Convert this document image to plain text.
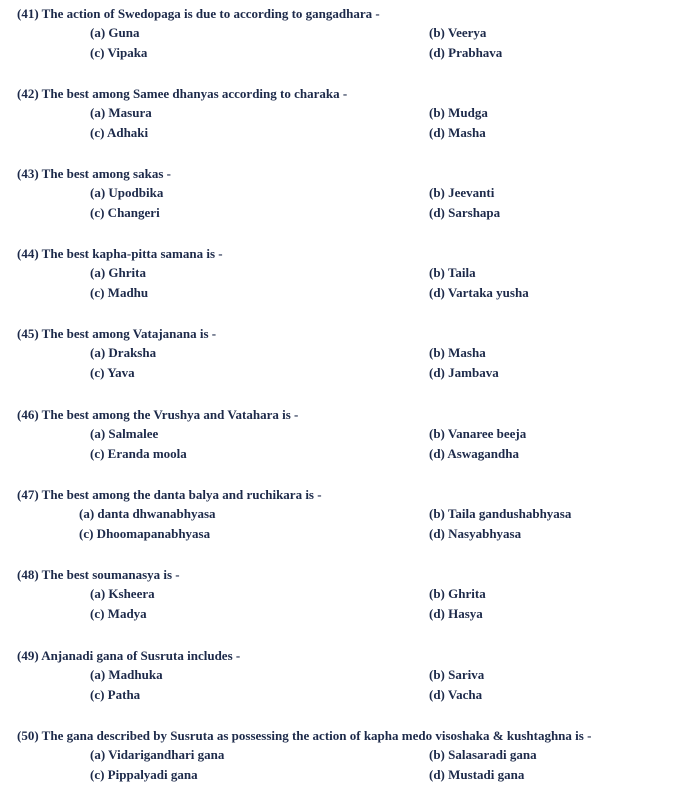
(41) The action of Swedopaga is due to according to gangadhara -
(a) Guna	(b) Veerya
(c) Vipaka	(d) Prabhava
(42) The best among Samee dhanyas according to charaka -
(a) Masura	(b) Mudga
(c) Adhaki	(d) Masha
(43) The best among sakas -
(a) Upodbika	(b) Jeevanti
(c) Changeri	(d) Sarshapa
(44) The best kapha-pitta samana is -
(a) Ghrita	(b) Taila
(c) Madhu	(d) Vartaka yusha
(45) The best among Vatajanana is -
(a) Draksha	(b) Masha
(c) Yava	(d) Jambava
(46) The best among the Vrushya and Vatahara is -
(a) Salmalee	(b) Vanaree beeja
(c) Eranda moola	(d) Aswagandha
(47) The best among the danta balya and ruchikara is -
(a) danta dhwanabhyasa	(b) Taila gandushabhyasa
(c) Dhoomapanabhyasa	(d) Nasyabhyasa
(48) The best soumanasya is -
(a) Ksheera	(b) Ghrita
(c) Madya	(d) Hasya
(49) Anjanadi gana of Susruta includes -
(a) Madhuka	(b) Sariva
(c) Patha	(d) Vacha
(50) The gana described by Susruta as possessing the action of kapha medo visoshaka & kushtaghna is -
(a) Vidarigandhari gana	(b) Salasaradi gana
(c) Pippalyadi gana	(d) Mustadi gana
